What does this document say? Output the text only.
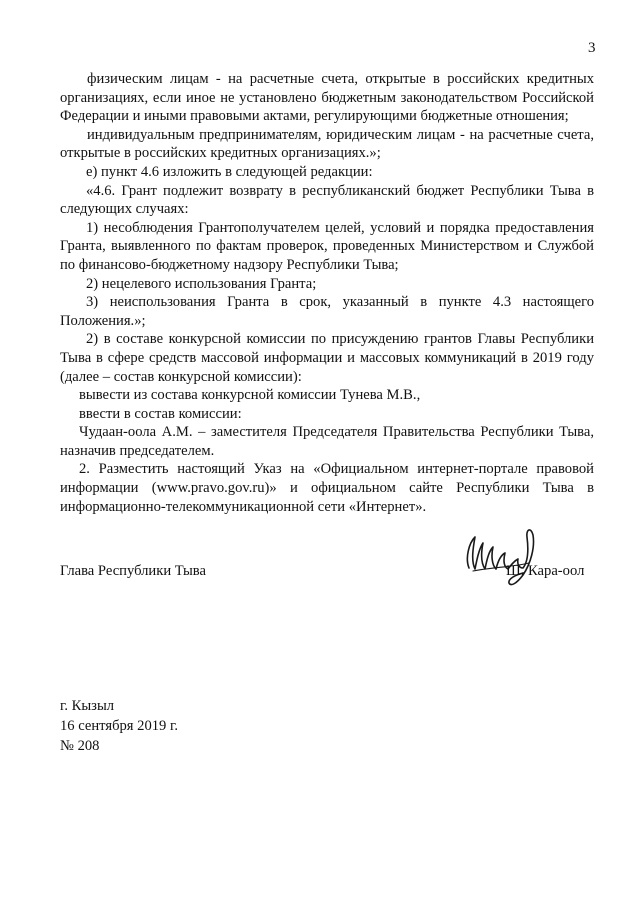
3

физическим лицам - на расчетные счета, открытые в российских кредитных организациях, если иное не установлено бюджетным законодательством Российской Федерации и иными правовыми актами, регулирующими бюджетные отношения;

индивидуальным предпринимателям, юридическим лицам - на расчетные счета, открытые в российских кредитных организациях.»;

е) пункт 4.6 изложить в следующей редакции:

«4.6. Грант подлежит возврату в республиканский бюджет Республики Тыва в следующих случаях:

1) несоблюдения Грантополучателем целей, условий и порядка предоставления Гранта, выявленного по фактам проверок, проведенных Министерством и Службой по финансово-бюджетному надзору Республики Тыва;

2) нецелевого использования Гранта;

3) неиспользования Гранта в срок, указанный в пункте 4.3 настоящего Положения.»;

2) в составе конкурсной комиссии по присуждению грантов Главы Республики Тыва в сфере средств массовой информации и массовых коммуникаций в 2019 году (далее – состав конкурсной комиссии):

вывести из состава конкурсной комиссии Тунева М.В.,

ввести в состав комиссии:

Чудаан-оола А.М. – заместителя Председателя Правительства Республики Тыва, назначив председателем.

2. Разместить настоящий Указ на «Официальном интернет-портале правовой информации (www.pravo.gov.ru)» и официальном сайте Республики Тыва в информационно-телекоммуникационной сети «Интернет».

Глава Республики Тыва	Ш. Кара-оол
г. Кызыл
16 сентября 2019 г.
№ 208
